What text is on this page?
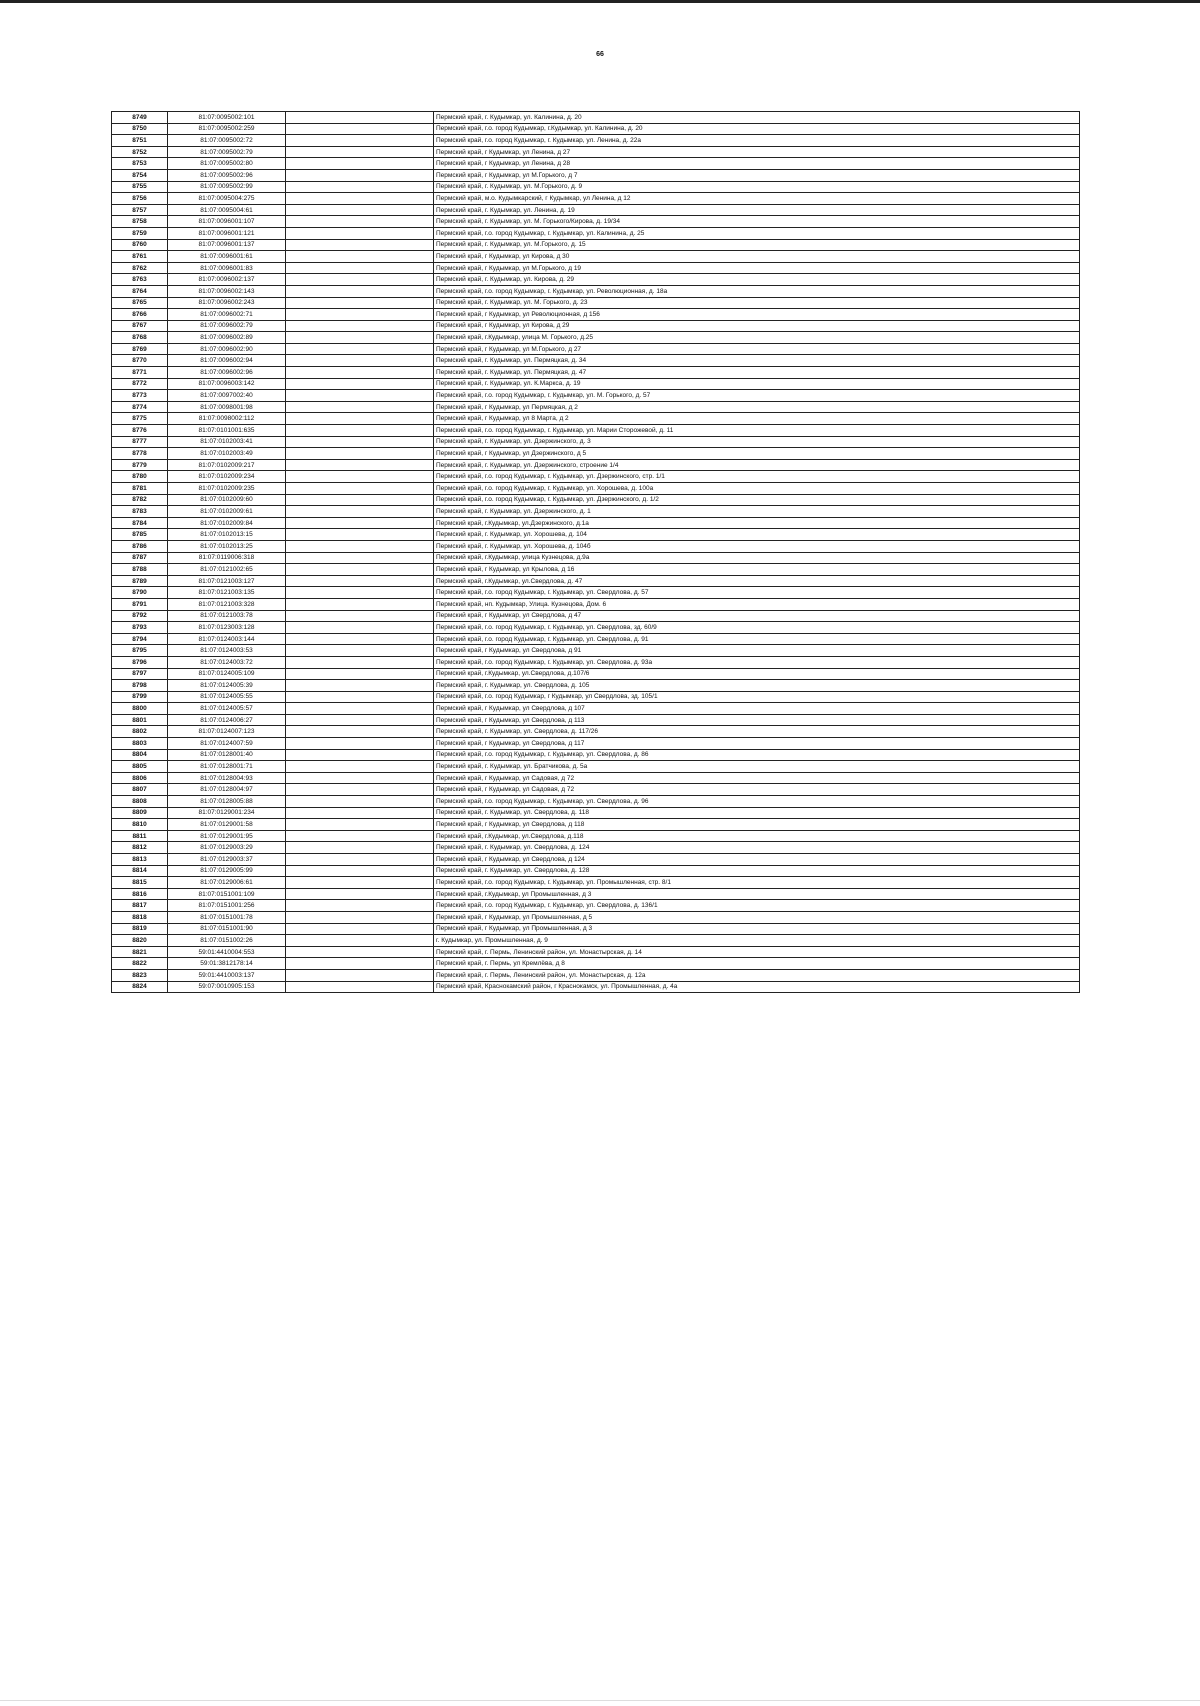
66
8749	81:07:0095002:101		Пермский край, г. Кудымкар, ул. Калинина, д. 20
8750	81:07:0095002:259		Пермский край, г.о. город Кудымкар, г.Кудымкар, ул. Калинина, д. 20
8751	81:07:0095002:72		Пермский край, г.о. город Кудымкар, г. Кудымкар, ул. Ленина, д. 22а
8752	81:07:0095002:79		Пермский край, г Кудымкар, ул Ленина, д 27
8753	81:07:0095002:80		Пермский край, г Кудымкар, ул Ленина, д 28
8754	81:07:0095002:96		Пермский край, г Кудымкар, ул М.Горького, д 7
8755	81:07:0095002:99		Пермский край, г. Кудымкар, ул. М.Горького, д. 9
8756	81:07:0095004:275		Пермский край, м.о. Кудымкарский, г Кудымкар, ул Ленина, д 12
8757	81:07:0095004:61		Пермский край, г. Кудымкар, ул. Ленина, д. 19
8758	81:07:0096001:107		Пермский край, г. Кудымкар, ул. М. Горького/Кирова, д. 19/34
8759	81:07:0096001:121		Пермский край, г.о. город Кудымкар, г. Кудымкар, ул. Калинина, д. 25
8760	81:07:0096001:137		Пермский край, г. Кудымкар, ул. М.Горького, д. 15
8761	81:07:0096001:61		Пермский край, г Кудымкар, ул Кирова, д 30
8762	81:07:0096001:83		Пермский край, г Кудымкар, ул М.Горького, д 19
8763	81:07:0096002:137		Пермский край, г. Кудымкар, ул. Кирова, д. 29
8764	81:07:0096002:143		Пермский край, г.о. город Кудымкар, г. Кудымкар, ул. Революционная, д. 18а
8765	81:07:0096002:243		Пермский край, г. Кудымкар, ул. М. Горького, д. 23
8766	81:07:0096002:71		Пермский край, г Кудымкар, ул Революционная, д 156
8767	81:07:0096002:79		Пермский край, г Кудымкар, ул Кирова, д 29
8768	81:07:0096002:89		Пермский край, г.Кудымкар, улица М. Горького, д.25
8769	81:07:0096002:90		Пермский край, г Кудымкар, ул М.Горького, д 27
8770	81:07:0096002:94		Пермский край, г. Кудымкар, ул. Пермяцкая, д. 34
8771	81:07:0096002:96		Пермский край, г. Кудымкар, ул. Пермяцкая, д. 47
8772	81:07:0096003:142		Пермский край, г. Кудымкар, ул. К.Маркса, д. 19
8773	81:07:0097002:40		Пермский край, г.о. город Кудымкар, г. Кудымкар, ул. М. Горького, д. 57
8774	81:07:0098001:98		Пермский край, г Кудымкар, ул Пермяцкая, д 2
8775	81:07:0098002:112		Пермский край, г Кудымкар, ул 8 Марта, д 2
8776	81:07:0101001:635		Пермский край, г.о. город Кудымкар, г. Кудымкар, ул. Марии Сторожевой, д. 11
8777	81:07:0102003:41		Пермский край, г. Кудымкар, ул. Дзержинского, д. 3
8778	81:07:0102003:49		Пермский край, г Кудымкар, ул Дзержинского, д 5
8779	81:07:0102009:217		Пермский край, г. Кудымкар, ул. Дзержинского, строение 1/4
8780	81:07:0102009:234		Пермский край, г.о. город Кудымкар, г. Кудымкар, ул. Дзержинского, стр. 1/1
8781	81:07:0102009:235		Пермский край, г.о. город Кудымкар, г. Кудымкар, ул. Хорошева, д. 100а
8782	81:07:0102009:60		Пермский край, г.о. город Кудымкар, г. Кудымкар, ул. Дзержинского, д. 1/2
8783	81:07:0102009:61		Пермский край, г. Кудымкар, ул. Дзержинского, д. 1
8784	81:07:0102009:84		Пермский край, г.Кудымкар, ул.Дзержинского, д.1а
8785	81:07:0102013:15		Пермский край, г. Кудымкар, ул. Хорошева, д. 104
8786	81:07:0102013:25		Пермский край, г. Кудымкар, ул. Хорошева, д. 104б
8787	81:07:0119006:318		Пермский край, г.Кудымкар, улица Кузнецова, д.9а
8788	81:07:0121002:65		Пермский край, г Кудымкар, ул Крылова, д 16
8789	81:07:0121003:127		Пермский край, г.Кудымкар, ул.Свердлова, д. 47
8790	81:07:0121003:135		Пермский край, г.о. город Кудымкар, г. Кудымкар, ул. Свердлова, д. 57
8791	81:07:0121003:328		Пермский край, нп. Кудымкар, Улица. Кузнецова, Дом. 6
8792	81:07:0121003:78		Пермский край, г Кудымкар, ул Свердлова, д 47
8793	81:07:0123003:128		Пермский край, г.о. город Кудымкар, г. Кудымкар, ул. Свердлова, зд. 60/9
8794	81:07:0124003:144		Пермский край, г.о. город Кудымкар, г. Кудымкар, ул. Свердлова, д. 91
8795	81:07:0124003:53		Пермский край, г Кудымкар, ул Свердлова, д 91
8796	81:07:0124003:72		Пермский край, г.о. город Кудымкар, г. Кудымкар, ул. Свердлова, д. 93а
8797	81:07:0124005:109		Пермский край, г.Кудымкар, ул.Свердлова, д.107/6
8798	81:07:0124005:39		Пермский край, г. Кудымкар, ул. Свердлова, д. 105
8799	81:07:0124005:55		Пермский край, г.о. город Кудымкар, г Кудымкар, ул Свердлова, зд. 105/1
8800	81:07:0124005:57		Пермский край, г Кудымкар, ул Свердлова, д 107
8801	81:07:0124006:27		Пермский край, г Кудымкар, ул Свердлова, д 113
8802	81:07:0124007:123		Пермский край, г. Кудымкар, ул. Свердлова, д. 117/26
8803	81:07:0124007:59		Пермский край, г Кудымкар, ул Свердлова, д 117
8804	81:07:0128001:40		Пермский край, г.о. город Кудымкар, г. Кудымкар, ул. Свердлова, д. 86
8805	81:07:0128001:71		Пермский край, г. Кудымкар, ул. Братчикова, д. 5а
8806	81:07:0128004:93		Пермский край, г Кудымкар, ул Садовая, д 72
8807	81:07:0128004:97		Пермский край, г Кудымкар, ул Садовая, д 72
8808	81:07:0128005:88		Пермский край, г.о. город Кудымкар, г. Кудымкар, ул. Свердлова, д. 96
8809	81:07:0129001:234		Пермский край, г. Кудымкар, ул. Свердлова, д. 118
8810	81:07:0129001:58		Пермский край, г Кудымкар, ул Свердлова, д 118
8811	81:07:0129001:95		Пермский край, г.Кудымкар, ул.Свердлова, д.118
8812	81:07:0129003:29		Пермский край, г. Кудымкар, ул. Свердлова, д. 124
8813	81:07:0129003:37		Пермский край, г Кудымкар, ул Свердлова, д 124
8814	81:07:0129005:99		Пермский край, г. Кудымкар, ул. Свердлова, д. 128
8815	81:07:0129006:61		Пермский край, г.о. город Кудымкар, г. Кудымкар, ул. Промышленная, стр. 8/1
8816	81:07:0151001:109		Пермский край, г.Кудымкар, ул Промышленная, д 3
8817	81:07:0151001:256		Пермский край, г.о. город Кудымкар, г. Кудымкар, ул. Свердлова, д. 136/1
8818	81:07:0151001:78		Пермский край, г Кудымкар, ул Промышленная, д 5
8819	81:07:0151001:90		Пермский край, г Кудымкар, ул Промышленная, д 3
8820	81:07:0151002:26		г. Кудымкар, ул. Промышленная, д. 9
8821	59:01:4410004:553		Пермский край, г. Пермь, Ленинский район, ул. Монастырская, д. 14
8822	59:01:3812178:14		Пермский край, г. Пермь, ул Кремлёва, д 8
8823	59:01:4410003:137		Пермский край, г. Пермь, Ленинский район, ул. Монастырская, д. 12а
8824	59:07:0010905:153		Пермский край, Краснокамский район, г Краснокамск, ул. Промышленная, д. 4а
